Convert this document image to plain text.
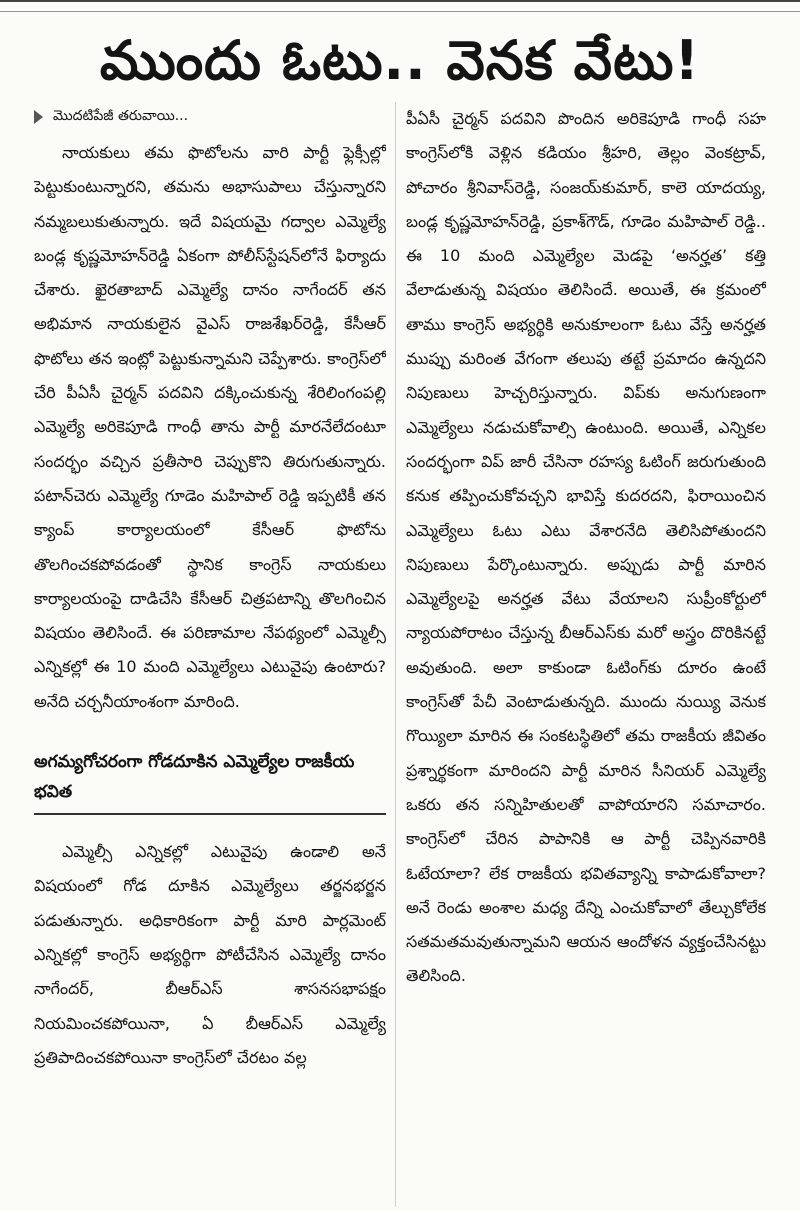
ముందు ఓటు.. వెనక వేటు!
మొదటిపేజీ తరువాయి...

నాయకులు తమ ఫొటోలను వారి పార్టీ ఫ్లెక్సీల్లో పెట్టుకుంటున్నారని, తమను అభాసుపాలు చేస్తున్నారని నమ్మబలుకుతున్నారు. ఇదే విషయమై గద్వాల ఎమ్మెల్యే బండ్ల కృష్ణమోహన్‌రెడ్డి ఏకంగా పోలీస్‌స్టేషన్‌లోనే ఫిర్యాదు చేశారు. ఖైరతాబాద్ ఎమ్మెల్యే దానం నాగేందర్ తన అభిమాన నాయకులైన వైఎస్ రాజశేఖర్‌రెడ్డి, కేసీఆర్ ఫొటోలు తన ఇంట్లో పెట్టుకున్నామని చెప్పేశారు. కాంగ్రెస్‌లో చేరి పీఏసీ చైర్మన్ పదవిని దక్కించుకున్న శేరిలింగంపల్లి ఎమ్మెల్యే అరికెపూడి గాంధీ తాను పార్టీ మారనేలేదంటూ సందర్భం వచ్చిన ప్రతీసారి చెప్పుకొని తిరుగుతున్నారు. పటాన్‌చెరు ఎమ్మెల్యే గూడెం మహిపాల్ రెడ్డి ఇప్పటికీ తన క్యాంప్ కార్యాలయంలో కేసీఆర్ ఫొటోను తొలగించకపోవడంతో స్థానిక కాంగ్రెస్ నాయకులు కార్యాలయంపై దాడిచేసి కేసీఆర్ చిత్రపటాన్ని తొలగించిన విషయం తెలిసిందే. ఈ పరిణామాల నేపథ్యంలో ఎమ్మెల్సీ ఎన్నికల్లో ఈ 10 మంది ఎమ్మెల్యేలు ఎటువైపు ఉంటారు? అనేది చర్చనీయాంశంగా మారింది.

అగమ్యగోచరంగా గోడదూకిన ఎమ్మెల్యేల రాజకీయ భవిత

ఎమ్మెల్సీ ఎన్నికల్లో ఎటువైపు ఉండాలి అనే విషయంలో గోడ దూకిన ఎమ్మెల్యేలు తర్జనభర్జన పడుతున్నారు. అధికారికంగా పార్టీ మారి పార్లమెంట్ ఎన్నికల్లో కాంగ్రెస్ అభ్యర్థిగా పోటీచేసిన ఎమ్మెల్యే దానం నాగేందర్, బీఆర్‌ఎస్ శాసనసభాపక్షం నియమించకపోయినా, ఏ బీఆర్‌ఎస్ ఎమ్మెల్యే ప్రతిపాదించకపోయినా కాంగ్రెస్‌లో చేరటం వల్ల

పీఏసీ చైర్మన్ పదవిని పొందిన అరికెపూడి గాంధీ సహ కాంగ్రెస్‌లోకి వెళ్లిన కడియం శ్రీహరి, తెల్లం వెంకట్రావ్, పోచారం శ్రీనివాస్‌రెడ్డి, సంజయ్‌కుమార్, కాలె యాదయ్య, బండ్ల కృష్ణమోహన్‌రెడ్డి, ప్రకాశ్‌గౌడ్, గూడెం మహిపాల్ రెడ్డి.. ఈ 10 మంది ఎమ్మెల్యేల మెడపై ‘అనర్హత’ కత్తి వేలాడుతున్న విషయం తెలిసిందే. అయితే, ఈ క్రమంలో తాము కాంగ్రెస్ అభ్యర్థికి అనుకూలంగా ఓటు వేస్తే అనర్హత ముప్పు మరింత వేగంగా తలుపు తట్టే ప్రమాదం ఉన్నదని నిపుణులు హెచ్చరిస్తున్నారు. విప్‌కు అనుగుణంగా ఎమ్మెల్యేలు నడుచుకోవాల్సి ఉంటుంది. అయితే, ఎన్నికల సందర్భంగా విప్ జారీ చేసినా రహస్య ఓటింగ్ జరుగుతుంది కనుక తప్పించుకోవచ్చని భావిస్తే కుదరదని, ఫిరాయించిన ఎమ్మెల్యేలు ఓటు ఎటు వేశారనేది తెలిసిపోతుందని నిపుణులు పేర్కొంటున్నారు. అప్పుడు పార్టీ మారిన ఎమ్మెల్యేలపై అనర్హత వేటు వేయాలని సుప్రీంకోర్టులో న్యాయపోరాటం చేస్తున్న బీఆర్‌ఎస్‌కు మరో అస్త్రం దొరికినట్టే అవుతుంది. అలా కాకుండా ఓటింగ్‌కు దూరం ఉంటే కాంగ్రెస్‌తో పేచీ వెంటాడుతున్నది. ముందు నుయ్యి వెనుక గొయ్యిలా మారిన ఈ సంకటస్థితిలో తమ రాజకీయ జీవితం ప్రశ్నార్థకంగా మారిందని పార్టీ మారిన సీనియర్ ఎమ్మెల్యే ఒకరు తన సన్నిహితులతో వాపోయారని సమాచారం. కాంగ్రెస్‌లో చేరిన పాపానికి ఆ పార్టీ చెప్పినవారికి ఓటేయాలా? లేక రాజకీయ భవితవ్యాన్ని కాపాడుకోవాలా? అనే రెండు అంశాల మధ్య దేన్ని ఎంచుకోవాలో తేల్చుకోలేక సతమతమవుతున్నామని ఆయన ఆందోళన వ్యక్తంచేసినట్టు తెలిసింది.
